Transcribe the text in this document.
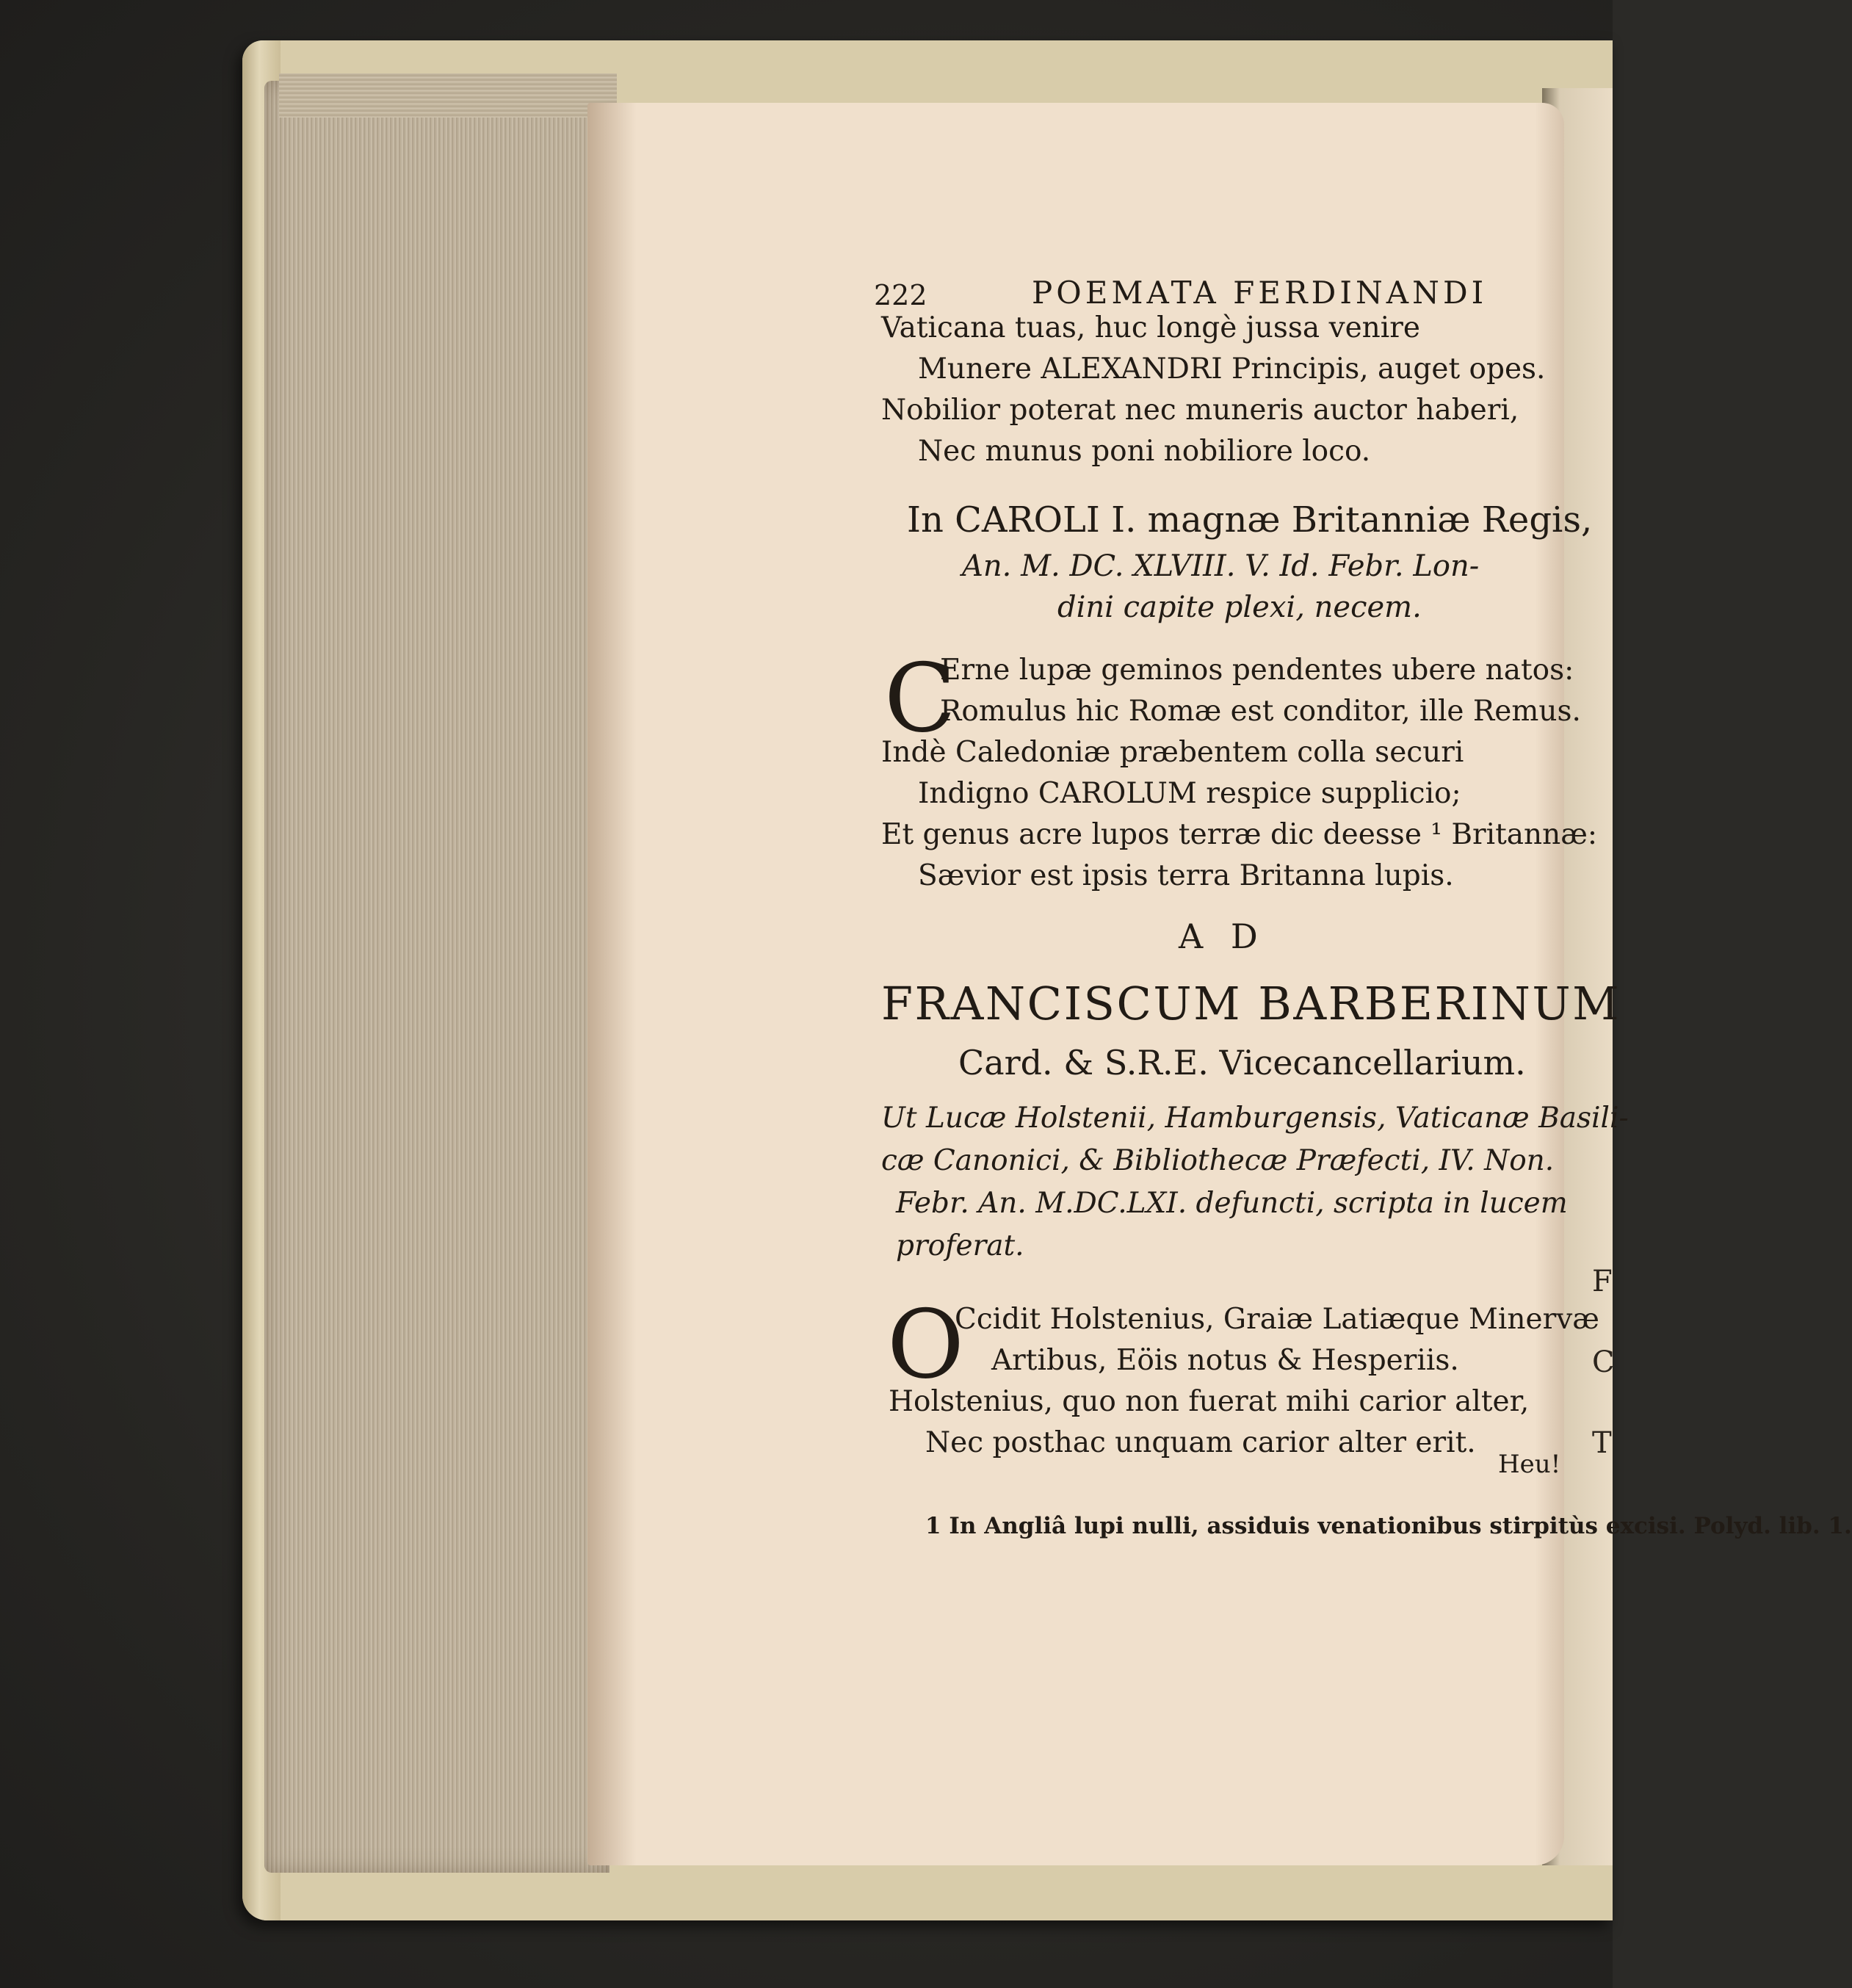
F
C
T
222	POEMATA FERDINANDI
Vaticana tuas, huc longè jussa venire
Munere ALEXANDRI Principis, auget opes.
Nobilior poterat nec muneris auctor haberi,
Nec munus poni nobiliore loco.
In CAROLI I. magnæ Britanniæ Regis,
An. M. DC. XLVIII. V. Id. Febr. Lon-
dini capite plexi, necem.
C
Erne lupæ geminos pendentes ubere natos:
Romulus hic Romæ est conditor, ille Remus.
Indè Caledoniæ præbentem colla securi
Indigno CAROLUM respice supplicio;
Et genus acre lupos terræ dic deesse ¹ Britannæ:
Sævior est ipsis terra Britanna lupis.
A D
FRANCISCUM BARBERINUM
Card. & S.R.E. Vicecancellarium.
Ut Lucæ Holstenii, Hamburgensis, Vaticanæ Basili-
cæ Canonici, & Bibliothecæ Præfecti, IV. Non.
Febr. An. M.DC.LXI. defuncti, scripta in lucem
proferat.
O
Ccidit Holstenius, Graiæ Latiæque Minervæ
Artibus, Eöis notus & Hesperiis.
Holstenius, quo non fuerat mihi carior alter,
Nec posthac unquam carior alter erit.
Heu!
1 In Angliâ lupi nulli, assiduis venationibus stirpitùs excisi. Polyd. lib. 1.
